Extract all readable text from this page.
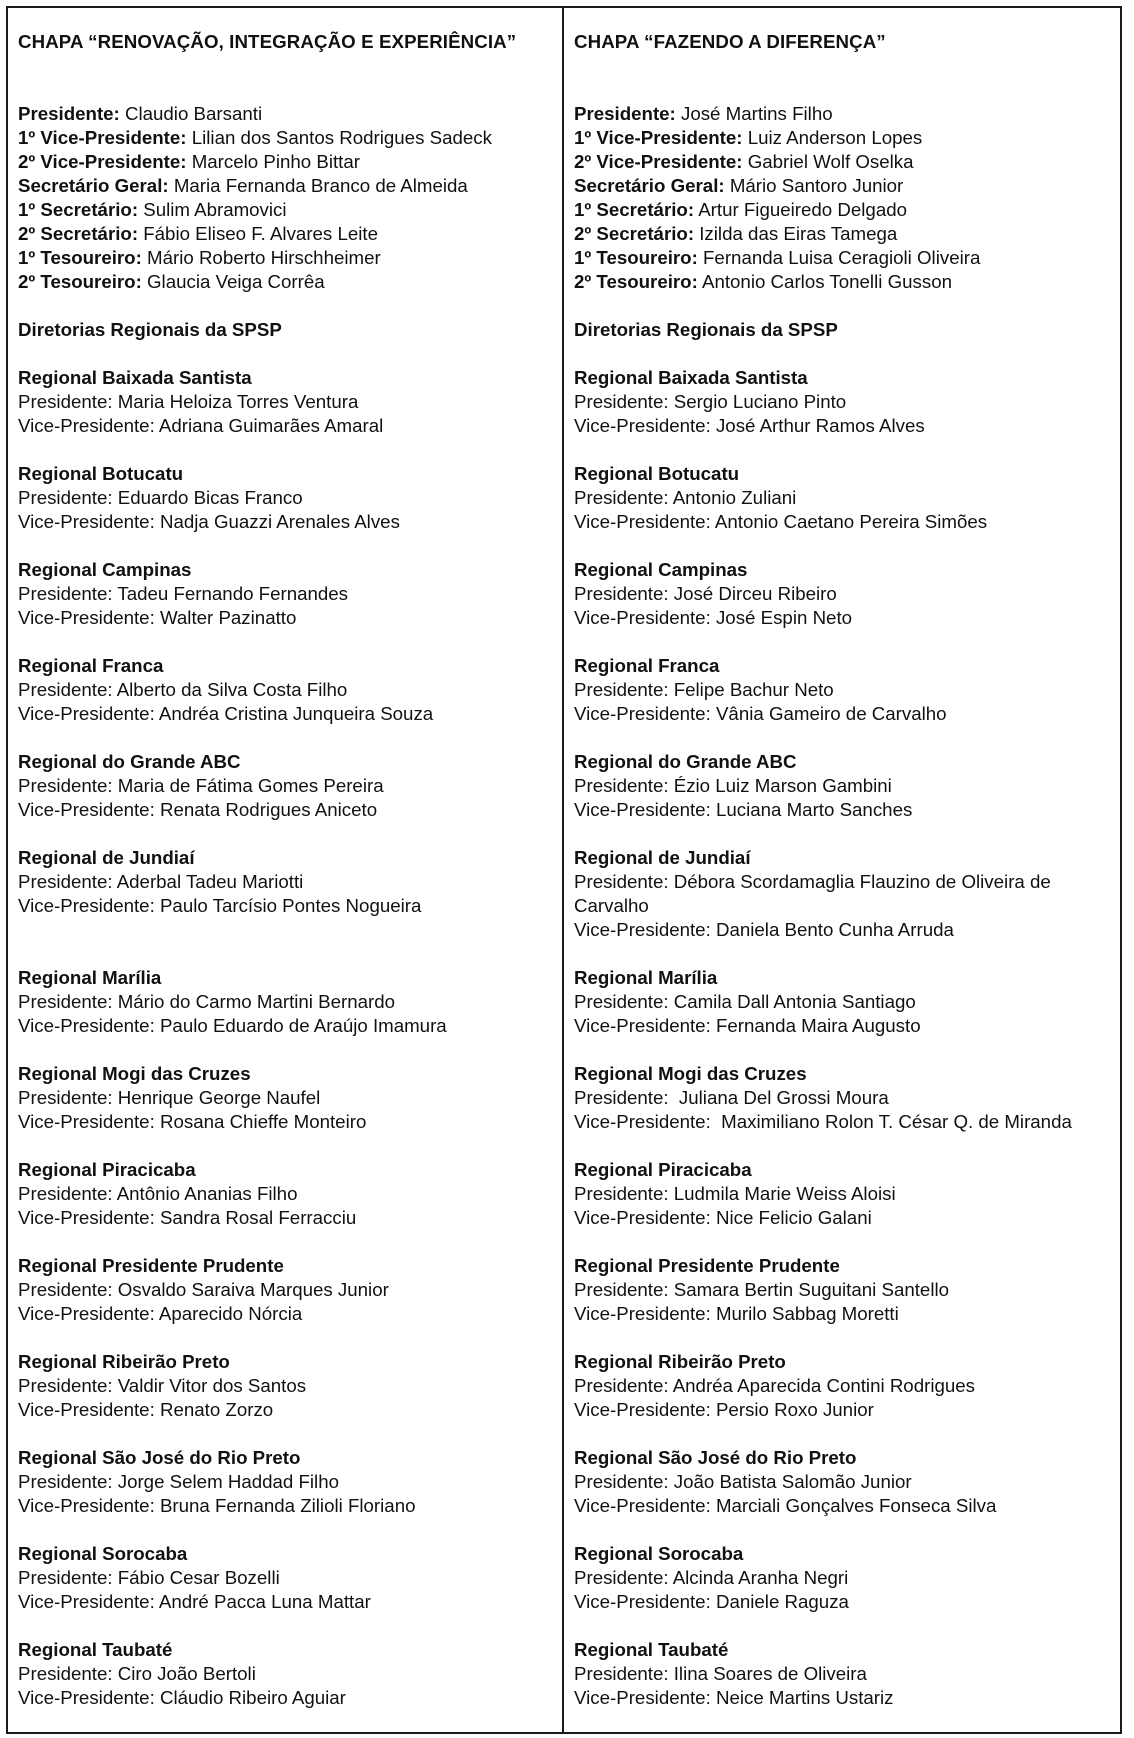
CHAPA “RENOVAÇÃO, INTEGRAÇÃO E EXPERIÊNCIA”
Presidente: Claudio Barsanti
1º Vice-Presidente: Lilian dos Santos Rodrigues Sadeck
2º Vice-Presidente: Marcelo Pinho Bittar
Secretário Geral: Maria Fernanda Branco de Almeida
1º Secretário: Sulim Abramovici
2º Secretário: Fábio Eliseo F. Alvares Leite
1º Tesoureiro: Mário Roberto Hirschheimer
2º Tesoureiro: Glaucia Veiga Corrêa
Diretorias Regionais da SPSP
Regional Baixada Santista
Presidente: Maria Heloiza Torres Ventura
Vice-Presidente: Adriana Guimarães Amaral
Regional Botucatu
Presidente: Eduardo Bicas Franco
Vice-Presidente: Nadja Guazzi Arenales Alves
Regional Campinas
Presidente: Tadeu Fernando Fernandes
Vice-Presidente: Walter Pazinatto
Regional Franca
Presidente: Alberto da Silva Costa Filho
Vice-Presidente: Andréa Cristina Junqueira Souza
Regional do Grande ABC
Presidente: Maria de Fátima Gomes Pereira
Vice-Presidente: Renata Rodrigues Aniceto
Regional de Jundiaí
Presidente: Aderbal Tadeu Mariotti
Vice-Presidente: Paulo Tarcísio Pontes Nogueira
Regional Marília
Presidente: Mário do Carmo Martini Bernardo
Vice-Presidente: Paulo Eduardo de Araújo Imamura
Regional Mogi das Cruzes
Presidente: Henrique George Naufel
Vice-Presidente: Rosana Chieffe Monteiro
Regional Piracicaba
Presidente: Antônio Ananias Filho
Vice-Presidente: Sandra Rosal Ferracciu
Regional Presidente Prudente
Presidente: Osvaldo Saraiva Marques Junior
Vice-Presidente: Aparecido Nórcia
Regional Ribeirão Preto
Presidente: Valdir Vitor dos Santos
Vice-Presidente: Renato Zorzo
Regional São José do Rio Preto
Presidente: Jorge Selem Haddad Filho
Vice-Presidente: Bruna Fernanda Zilioli Floriano
Regional Sorocaba
Presidente: Fábio Cesar Bozelli
Vice-Presidente: André Pacca Luna Mattar
Regional Taubaté
Presidente: Ciro João Bertoli
Vice-Presidente: Cláudio Ribeiro Aguiar
CHAPA “FAZENDO A DIFERENÇA”
Presidente: José Martins Filho
1º Vice-Presidente: Luiz Anderson Lopes
2º Vice-Presidente: Gabriel Wolf Oselka
Secretário Geral: Mário Santoro Junior
1º Secretário: Artur Figueiredo Delgado
2º Secretário: Izilda das Eiras Tamega
1º Tesoureiro: Fernanda Luisa Ceragioli Oliveira
2º Tesoureiro: Antonio Carlos Tonelli Gusson
Diretorias Regionais da SPSP
Regional Baixada Santista
Presidente: Sergio Luciano Pinto
Vice-Presidente: José Arthur Ramos Alves
Regional Botucatu
Presidente: Antonio Zuliani
Vice-Presidente: Antonio Caetano Pereira Simões
Regional Campinas
Presidente: José Dirceu Ribeiro
Vice-Presidente: José Espin Neto
Regional Franca
Presidente: Felipe Bachur Neto
Vice-Presidente: Vânia Gameiro de Carvalho
Regional do Grande ABC
Presidente: Ézio Luiz Marson Gambini
Vice-Presidente: Luciana Marto Sanches
Regional de Jundiaí
Presidente: Débora Scordamaglia Flauzino de Oliveira de Carvalho
Vice-Presidente: Daniela Bento Cunha Arruda
Regional Marília
Presidente: Camila Dall Antonia Santiago
Vice-Presidente: Fernanda Maira Augusto
Regional Mogi das Cruzes
Presidente:  Juliana Del Grossi Moura
Vice-Presidente:  Maximiliano Rolon T. César Q. de Miranda
Regional Piracicaba
Presidente: Ludmila Marie Weiss Aloisi
Vice-Presidente: Nice Felicio Galani
Regional Presidente Prudente
Presidente: Samara Bertin Suguitani Santello
Vice-Presidente: Murilo Sabbag Moretti
Regional Ribeirão Preto
Presidente: Andréa Aparecida Contini Rodrigues
Vice-Presidente: Persio Roxo Junior
Regional São José do Rio Preto
Presidente: João Batista Salomão Junior
Vice-Presidente: Marciali Gonçalves Fonseca Silva
Regional Sorocaba
Presidente: Alcinda Aranha Negri
Vice-Presidente: Daniele Raguza
Regional Taubaté
Presidente: Ilina Soares de Oliveira
Vice-Presidente: Neice Martins Ustariz
